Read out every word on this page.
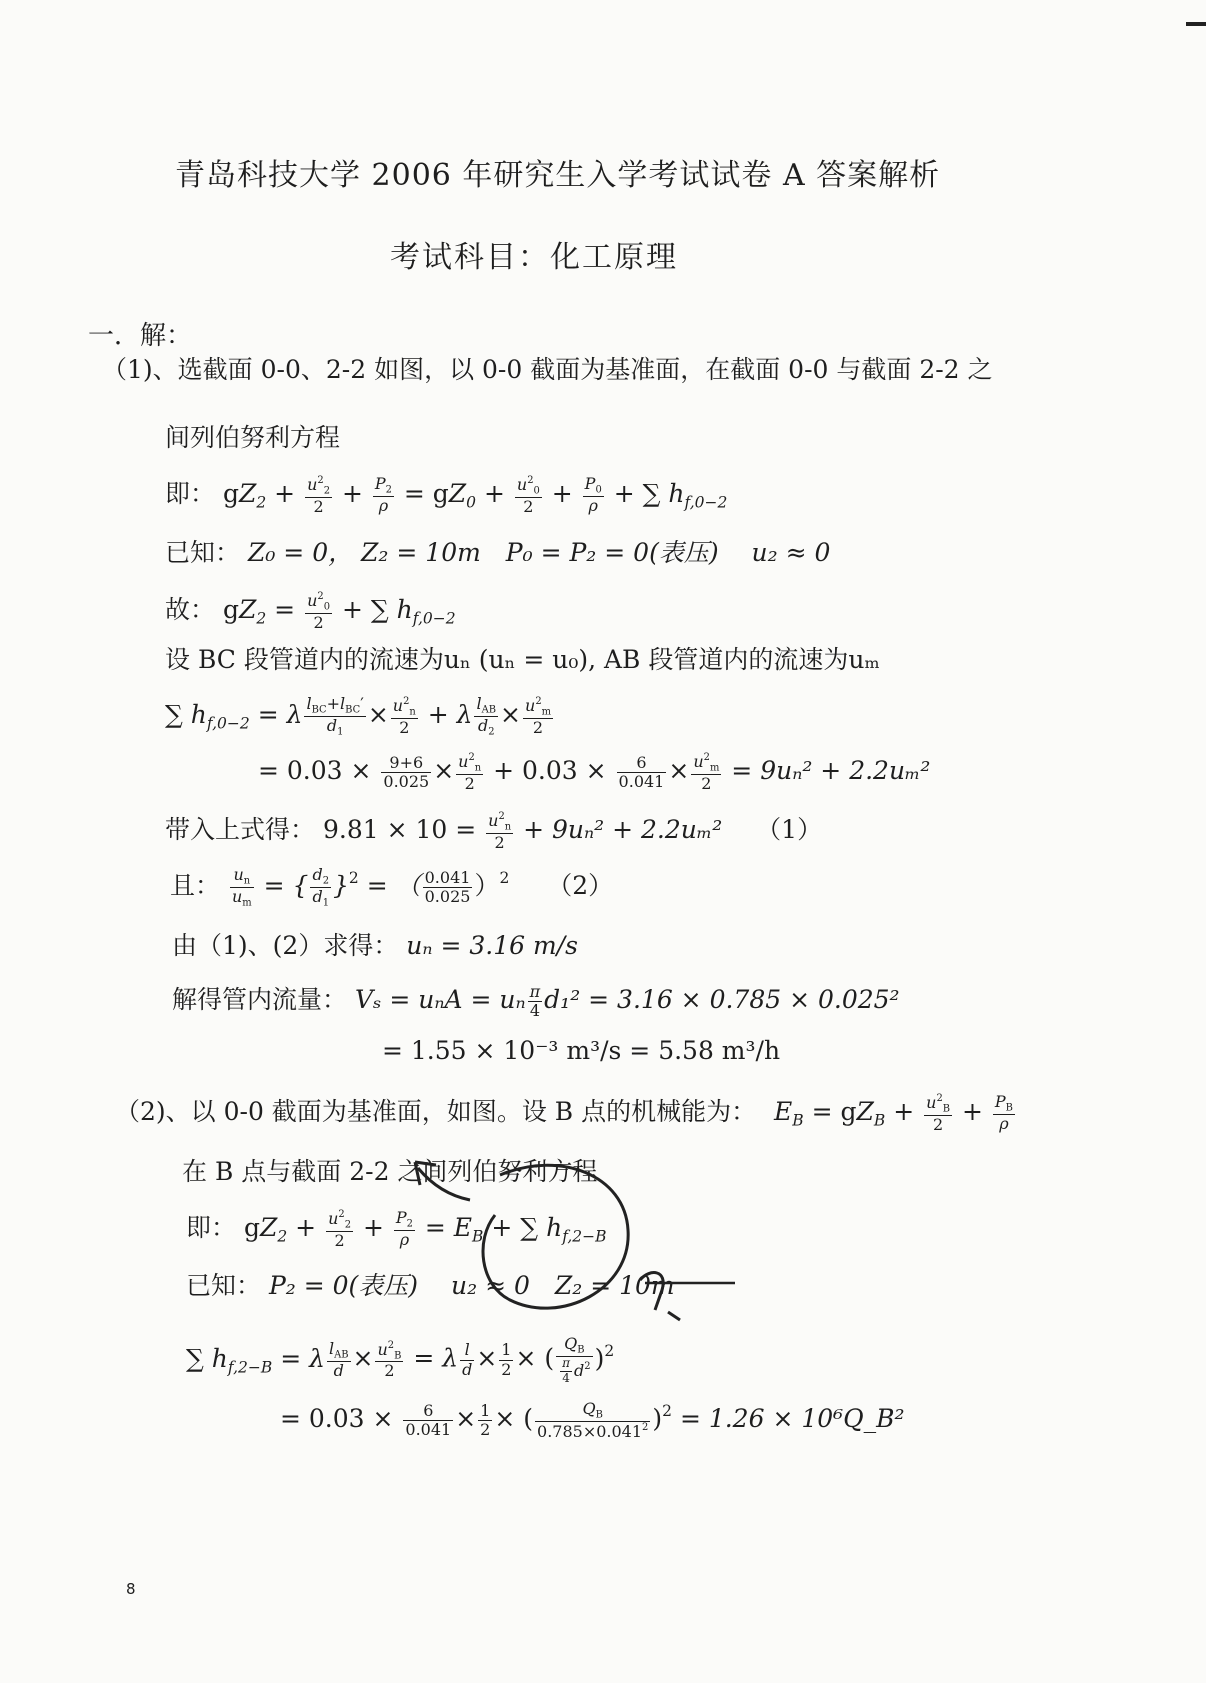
青岛科技大学 2006 年研究生入学考试试卷 A 答案解析
考试科目：化工原理
一．解：
（1)、选截面 0-0、2-2 如图，以 0-0 截面为基准面，在截面 0-0 与截面 2-2 之
间列伯努利方程
即： $gZ_2 + \frac{u^2_2}{2} + \frac{P_2}{\rho} = gZ_0 + \frac{u^2_0}{2} + \frac{P_0}{\rho}$ + ∑ $h_{f,0-2}$
已知： Z₀ = 0， Z₂ = 10m　P₀ = P₂ = 0(表压)　 u₂ ≈ 0
故： $gZ_2 = \frac{u^2_0}{2}$ + ∑ $h_{f,0-2}$
设 BC 段管道内的流速为uₙ (uₙ = u₀), AB 段管道内的流速为uₘ
∑ $h_{f,0-2} = \lambda \frac{l_{BC}+l_{BC}'}{d_1} \times \frac{u^2_n}{2} + \lambda \frac{l_{AB}}{d_2} \times \frac{u^2_m}{2}$
= $0.03 \times \frac{9+6}{0.025} \times \frac{u^2_n}{2} + 0.03 \times \frac{6}{0.041} \times \frac{u^2_m}{2} = 9u_n^2 + 2.2u_m^2$
带入上式得： $9.81 \times 10 = \frac{u^2_n}{2} + 9u_n^2 + 2.2u_m^2$ （1）
且： $\frac{u_n}{u_m}$ = { $\frac{d_2}{d_1} \}^2$ = （ $\frac{0.041}{0.025} )^2$ （2）
由（1)、(2）求得： uₙ = 3.16 m/s
解得管内流量： Vₛ = uₙA = uₙ $\frac{\pi}{4} d_1^2 = 3.16 \times 0.785 \times 0.025^2$
= 1.55 × 10⁻³ m³/s = 5.58 m³/h
（2)、以 0-0 截面为基准面，如图。设 B 点的机械能为： $E_B = gZ_B + \frac{u^2_B}{2} + \frac{P_B}{\rho}$
在 B 点与截面 2-2 之间列伯努利方程
即： $gZ_2 + \frac{u^2_2}{2} + \frac{P_2}{\rho} = E_B$ + ∑ $h_{f,2-B}$
已知： P₂ = 0(表压)　 u₂ ≈ 0　Z₂ = 10m
∑ $h_{f,2-B} = \lambda \frac{l_{AB}}{d} \times \frac{u^2_B}{2} = \lambda \frac{l}{d} \times \frac{1}{2}$ × ( $\frac{Q_B}{\frac{\pi}{4} d^2} )^2$
= $0.03 \times \frac{6}{0.041} \times \frac{1}{2}$ × ( $\frac{Q_B}{0.785\times 0.041^2} )^2 = 1.26$ × 10⁶Q_B²
8
